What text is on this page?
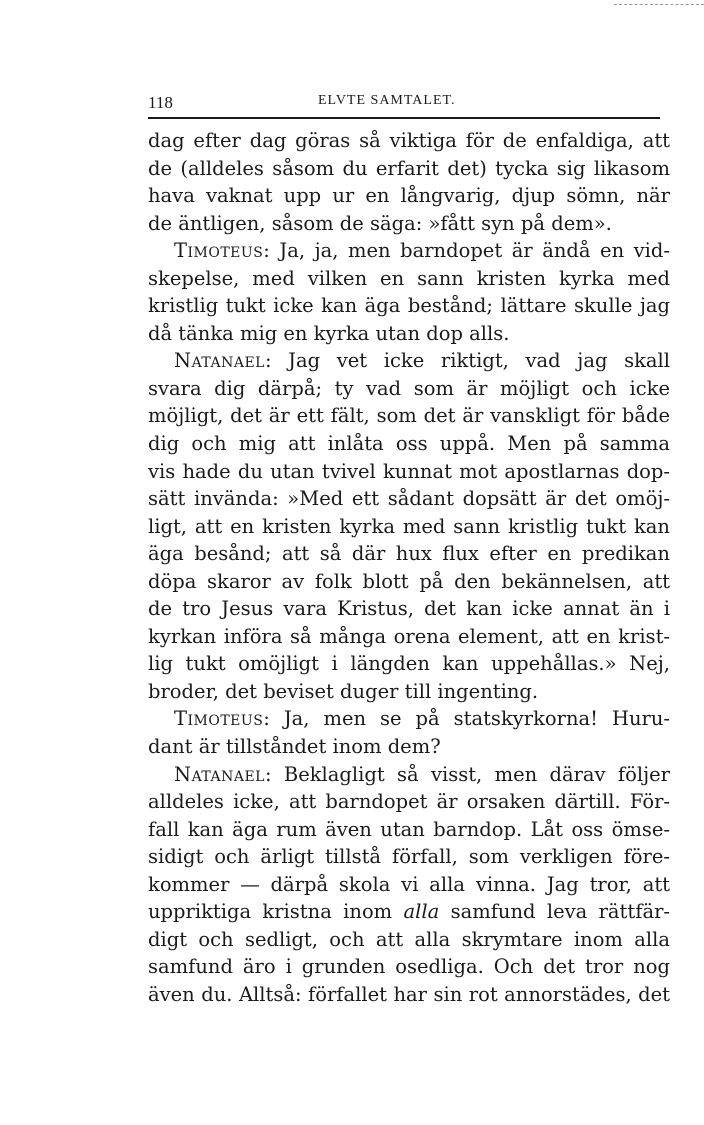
118	ELVTE SAMTALET.
dag efter dag göras så viktiga för de enfaldiga, att
de (alldeles såsom du erfarit det) tycka sig likasom
hava vaknat upp ur en långvarig, djup sömn, när
de äntligen, såsom de säga: »fått syn på dem».
Timoteus: Ja, ja, men barndopet är ändå en vid-
skepelse, med vilken en sann kristen kyrka med
kristlig tukt icke kan äga bestånd; lättare skulle jag
då tänka mig en kyrka utan dop alls.
Natanael: Jag vet icke riktigt, vad jag skall
svara dig därpå; ty vad som är möjligt och icke
möjligt, det är ett fält, som det är vanskligt för både
dig och mig att inlåta oss uppå. Men på samma
vis hade du utan tvivel kunnat mot apostlarnas dop-
sätt invända: »Med ett sådant dopsätt är det omöj-
ligt, att en kristen kyrka med sann kristlig tukt kan
äga besånd; att så där hux flux efter en predikan
döpa skaror av folk blott på den bekännelsen, att
de tro Jesus vara Kristus, det kan icke annat än i
kyrkan införa så många orena element, att en krist-
lig tukt omöjligt i längden kan uppehållas.» Nej,
broder, det beviset duger till ingenting.
Timoteus: Ja, men se på statskyrkorna! Huru-
dant är tillståndet inom dem?
Natanael: Beklagligt så visst, men därav följer
alldeles icke, att barndopet är orsaken därtill. För-
fall kan äga rum även utan barndop. Låt oss ömse-
sidigt och ärligt tillstå förfall, som verkligen före-
kommer — därpå skola vi alla vinna. Jag tror, att
uppriktiga kristna inom alla samfund leva rättfär-
digt och sedligt, och att alla skrymtare inom alla
samfund äro i grunden osedliga. Och det tror nog
även du. Alltså: förfallet har sin rot annorstädes, det
